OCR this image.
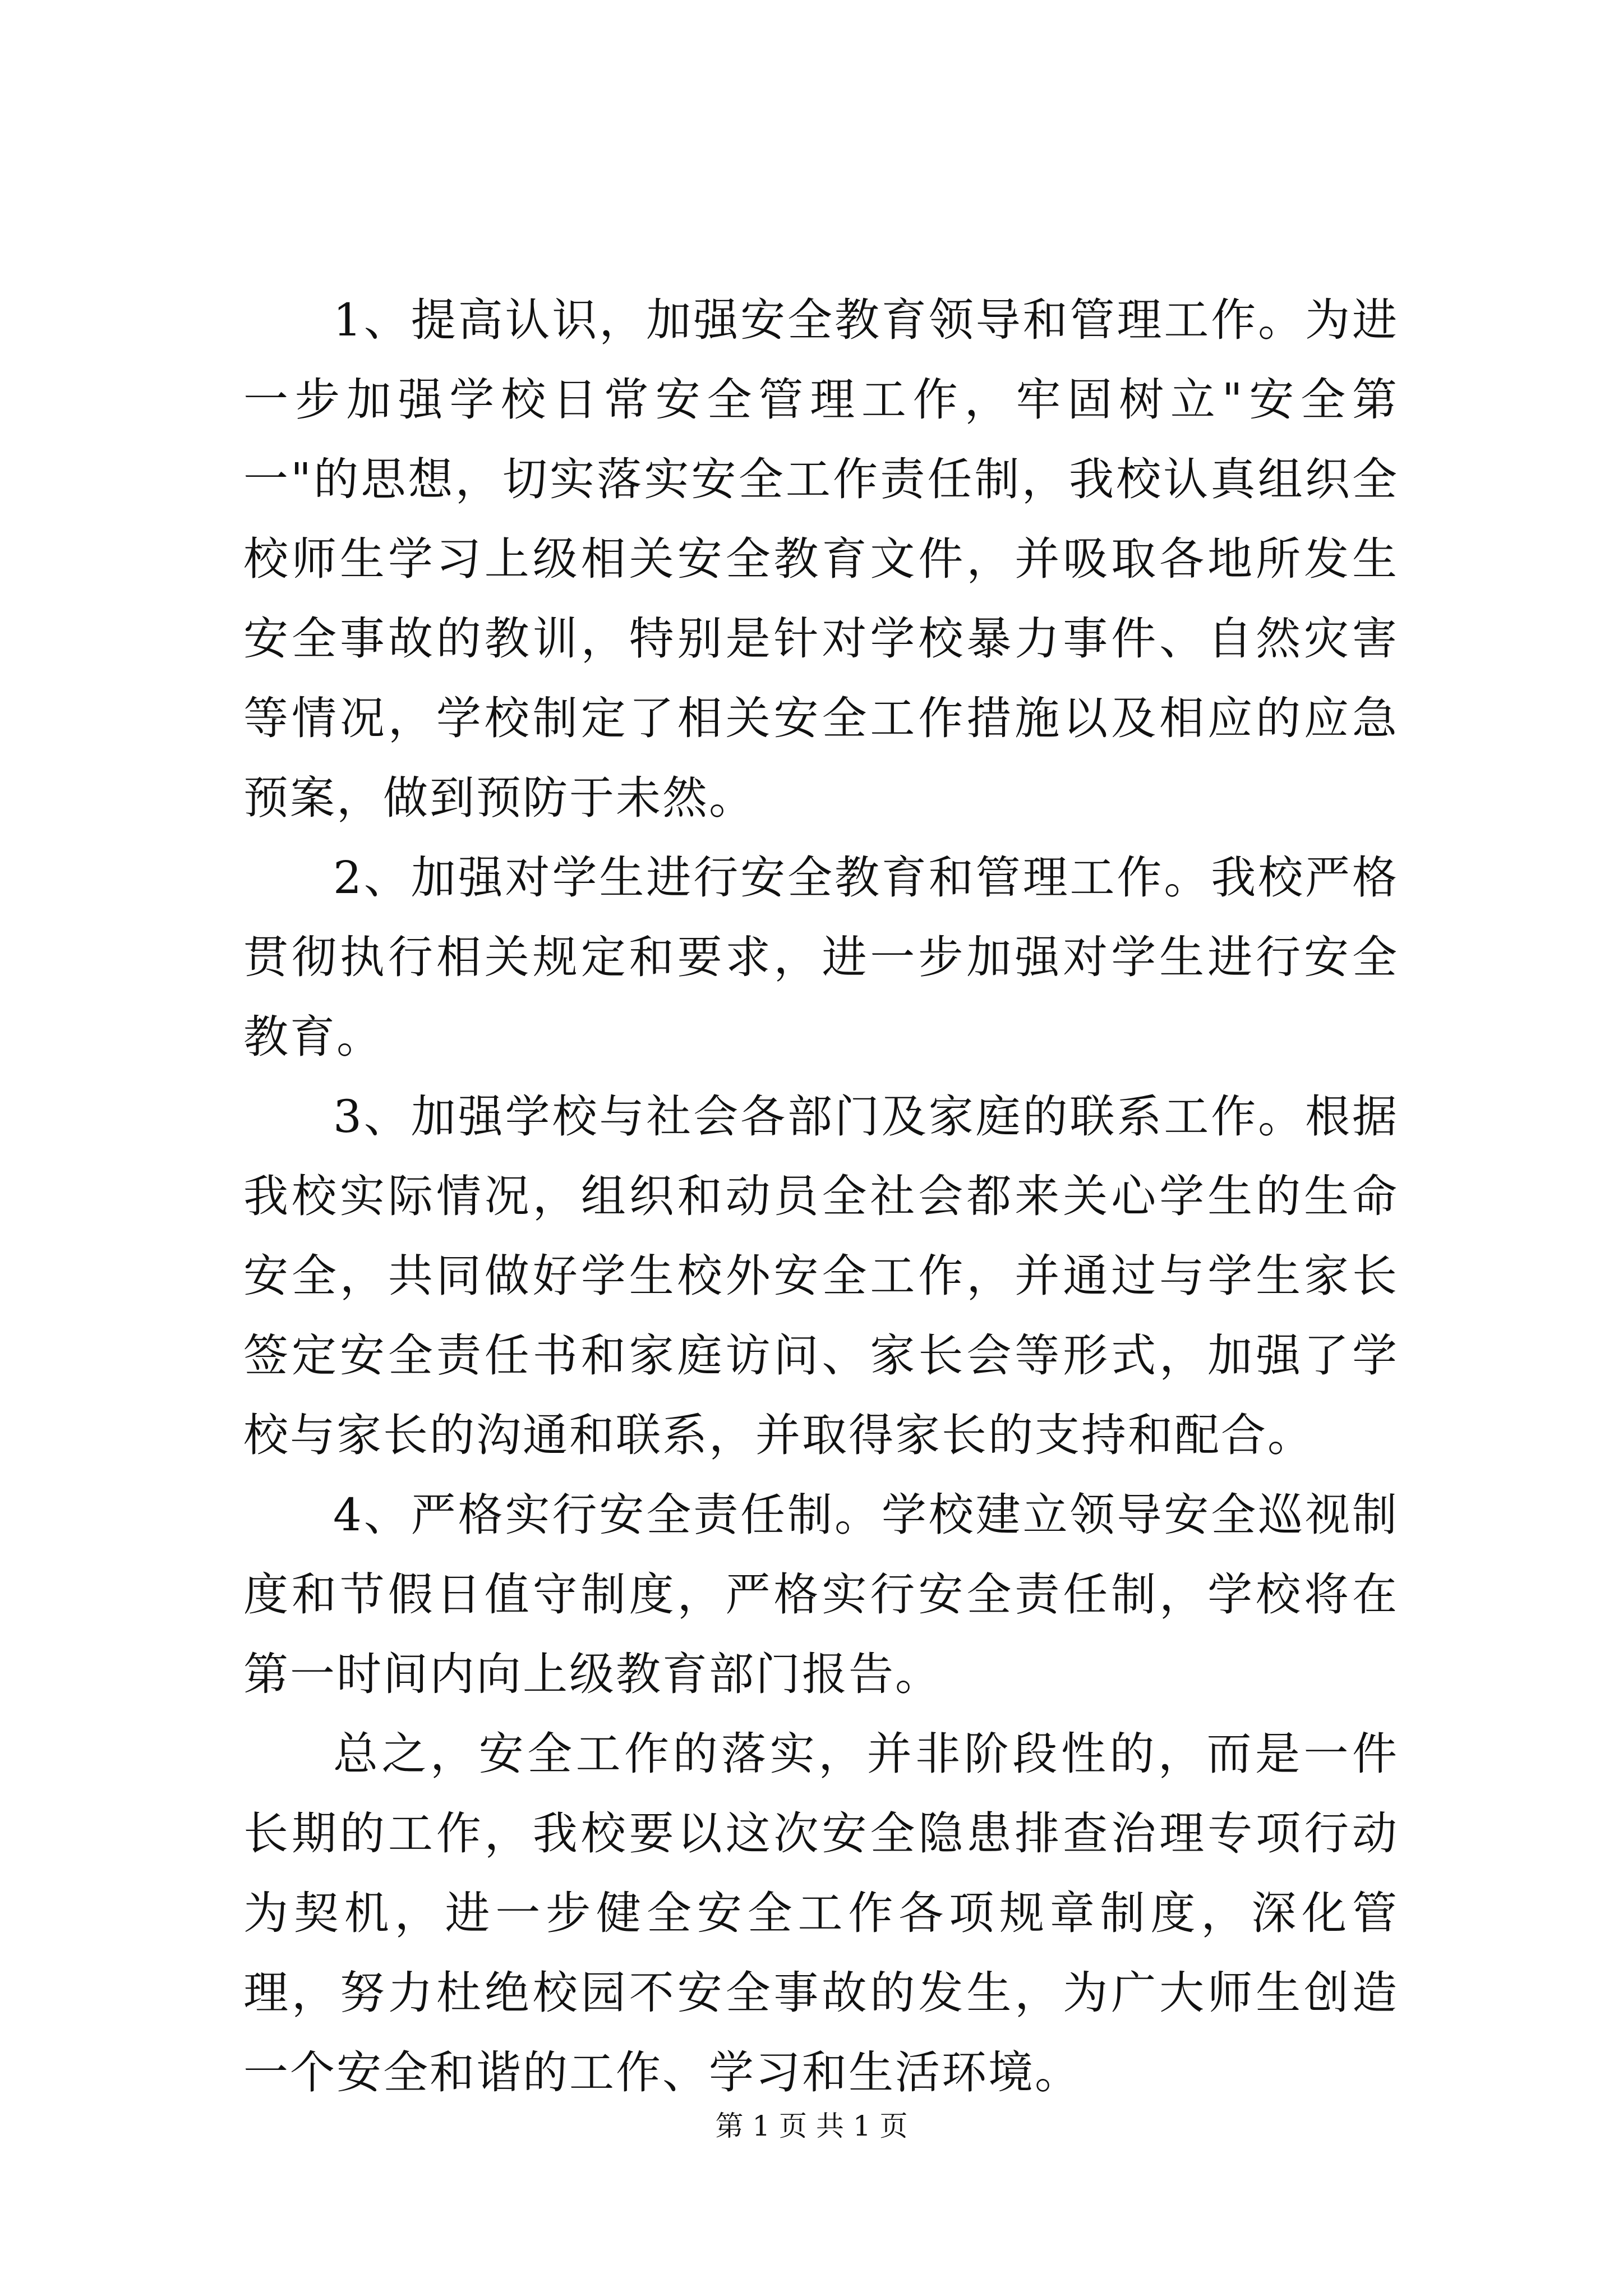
1、提高认识，加强安全教育领导和管理工作。为进一步加强学校日常安全管理工作，牢固树立"安全第一"的思想，切实落实安全工作责任制，我校认真组织全校师生学习上级相关安全教育文件，并吸取各地所发生安全事故的教训，特别是针对学校暴力事件、自然灾害等情况，学校制定了相关安全工作措施以及相应的应急预案，做到预防于未然。

2、加强对学生进行安全教育和管理工作。我校严格贯彻执行相关规定和要求，进一步加强对学生进行安全教育。

3、加强学校与社会各部门及家庭的联系工作。根据我校实际情况，组织和动员全社会都来关心学生的生命安全，共同做好学生校外安全工作，并通过与学生家长签定安全责任书和家庭访问、家长会等形式，加强了学校与家长的沟通和联系，并取得家长的支持和配合。

4、严格实行安全责任制。学校建立领导安全巡视制度和节假日值守制度，严格实行安全责任制，学校将在第一时间内向上级教育部门报告。

总之，安全工作的落实，并非阶段性的，而是一件长期的工作，我校要以这次安全隐患排查治理专项行动为契机，进一步健全安全工作各项规章制度，深化管理，努力杜绝校园不安全事故的发生，为广大师生创造一个安全和谐的工作、学习和生活环境。

第 1 页 共 1 页
